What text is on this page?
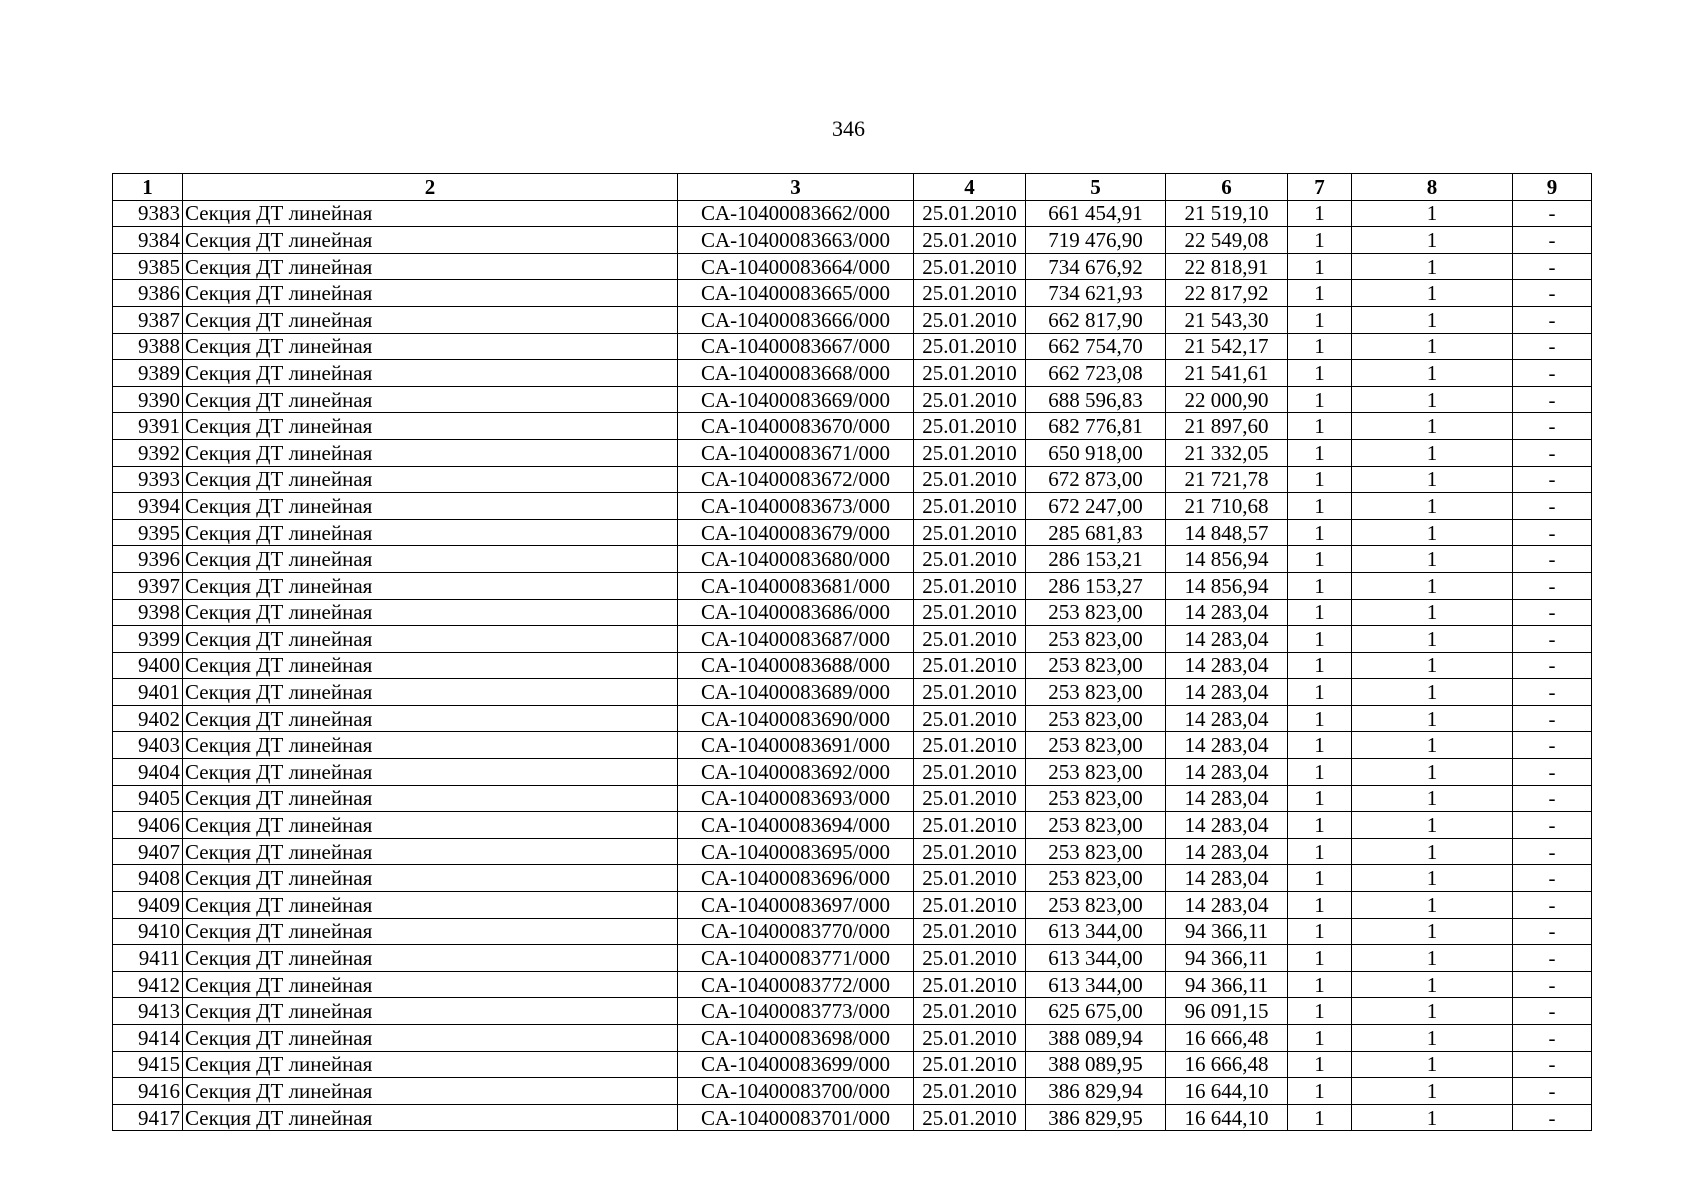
346
1	2	3	4	5	6	7	8	9
9383	Секция ДТ линейная	CA-10400083662/000	25.01.2010	661 454,91	21 519,10	1	1	-
9384	Секция ДТ линейная	CA-10400083663/000	25.01.2010	719 476,90	22 549,08	1	1	-
9385	Секция ДТ линейная	CA-10400083664/000	25.01.2010	734 676,92	22 818,91	1	1	-
9386	Секция ДТ линейная	CA-10400083665/000	25.01.2010	734 621,93	22 817,92	1	1	-
9387	Секция ДТ линейная	CA-10400083666/000	25.01.2010	662 817,90	21 543,30	1	1	-
9388	Секция ДТ линейная	CA-10400083667/000	25.01.2010	662 754,70	21 542,17	1	1	-
9389	Секция ДТ линейная	CA-10400083668/000	25.01.2010	662 723,08	21 541,61	1	1	-
9390	Секция ДТ линейная	CA-10400083669/000	25.01.2010	688 596,83	22 000,90	1	1	-
9391	Секция ДТ линейная	CA-10400083670/000	25.01.2010	682 776,81	21 897,60	1	1	-
9392	Секция ДТ линейная	CA-10400083671/000	25.01.2010	650 918,00	21 332,05	1	1	-
9393	Секция ДТ линейная	CA-10400083672/000	25.01.2010	672 873,00	21 721,78	1	1	-
9394	Секция ДТ линейная	CA-10400083673/000	25.01.2010	672 247,00	21 710,68	1	1	-
9395	Секция ДТ линейная	CA-10400083679/000	25.01.2010	285 681,83	14 848,57	1	1	-
9396	Секция ДТ линейная	CA-10400083680/000	25.01.2010	286 153,21	14 856,94	1	1	-
9397	Секция ДТ линейная	CA-10400083681/000	25.01.2010	286 153,27	14 856,94	1	1	-
9398	Секция ДТ линейная	CA-10400083686/000	25.01.2010	253 823,00	14 283,04	1	1	-
9399	Секция ДТ линейная	CA-10400083687/000	25.01.2010	253 823,00	14 283,04	1	1	-
9400	Секция ДТ линейная	CA-10400083688/000	25.01.2010	253 823,00	14 283,04	1	1	-
9401	Секция ДТ линейная	CA-10400083689/000	25.01.2010	253 823,00	14 283,04	1	1	-
9402	Секция ДТ линейная	CA-10400083690/000	25.01.2010	253 823,00	14 283,04	1	1	-
9403	Секция ДТ линейная	CA-10400083691/000	25.01.2010	253 823,00	14 283,04	1	1	-
9404	Секция ДТ линейная	CA-10400083692/000	25.01.2010	253 823,00	14 283,04	1	1	-
9405	Секция ДТ линейная	CA-10400083693/000	25.01.2010	253 823,00	14 283,04	1	1	-
9406	Секция ДТ линейная	CA-10400083694/000	25.01.2010	253 823,00	14 283,04	1	1	-
9407	Секция ДТ линейная	CA-10400083695/000	25.01.2010	253 823,00	14 283,04	1	1	-
9408	Секция ДТ линейная	CA-10400083696/000	25.01.2010	253 823,00	14 283,04	1	1	-
9409	Секция ДТ линейная	CA-10400083697/000	25.01.2010	253 823,00	14 283,04	1	1	-
9410	Секция ДТ линейная	CA-10400083770/000	25.01.2010	613 344,00	94 366,11	1	1	-
9411	Секция ДТ линейная	CA-10400083771/000	25.01.2010	613 344,00	94 366,11	1	1	-
9412	Секция ДТ линейная	CA-10400083772/000	25.01.2010	613 344,00	94 366,11	1	1	-
9413	Секция ДТ линейная	CA-10400083773/000	25.01.2010	625 675,00	96 091,15	1	1	-
9414	Секция ДТ линейная	CA-10400083698/000	25.01.2010	388 089,94	16 666,48	1	1	-
9415	Секция ДТ линейная	CA-10400083699/000	25.01.2010	388 089,95	16 666,48	1	1	-
9416	Секция ДТ линейная	CA-10400083700/000	25.01.2010	386 829,94	16 644,10	1	1	-
9417	Секция ДТ линейная	CA-10400083701/000	25.01.2010	386 829,95	16 644,10	1	1	-
